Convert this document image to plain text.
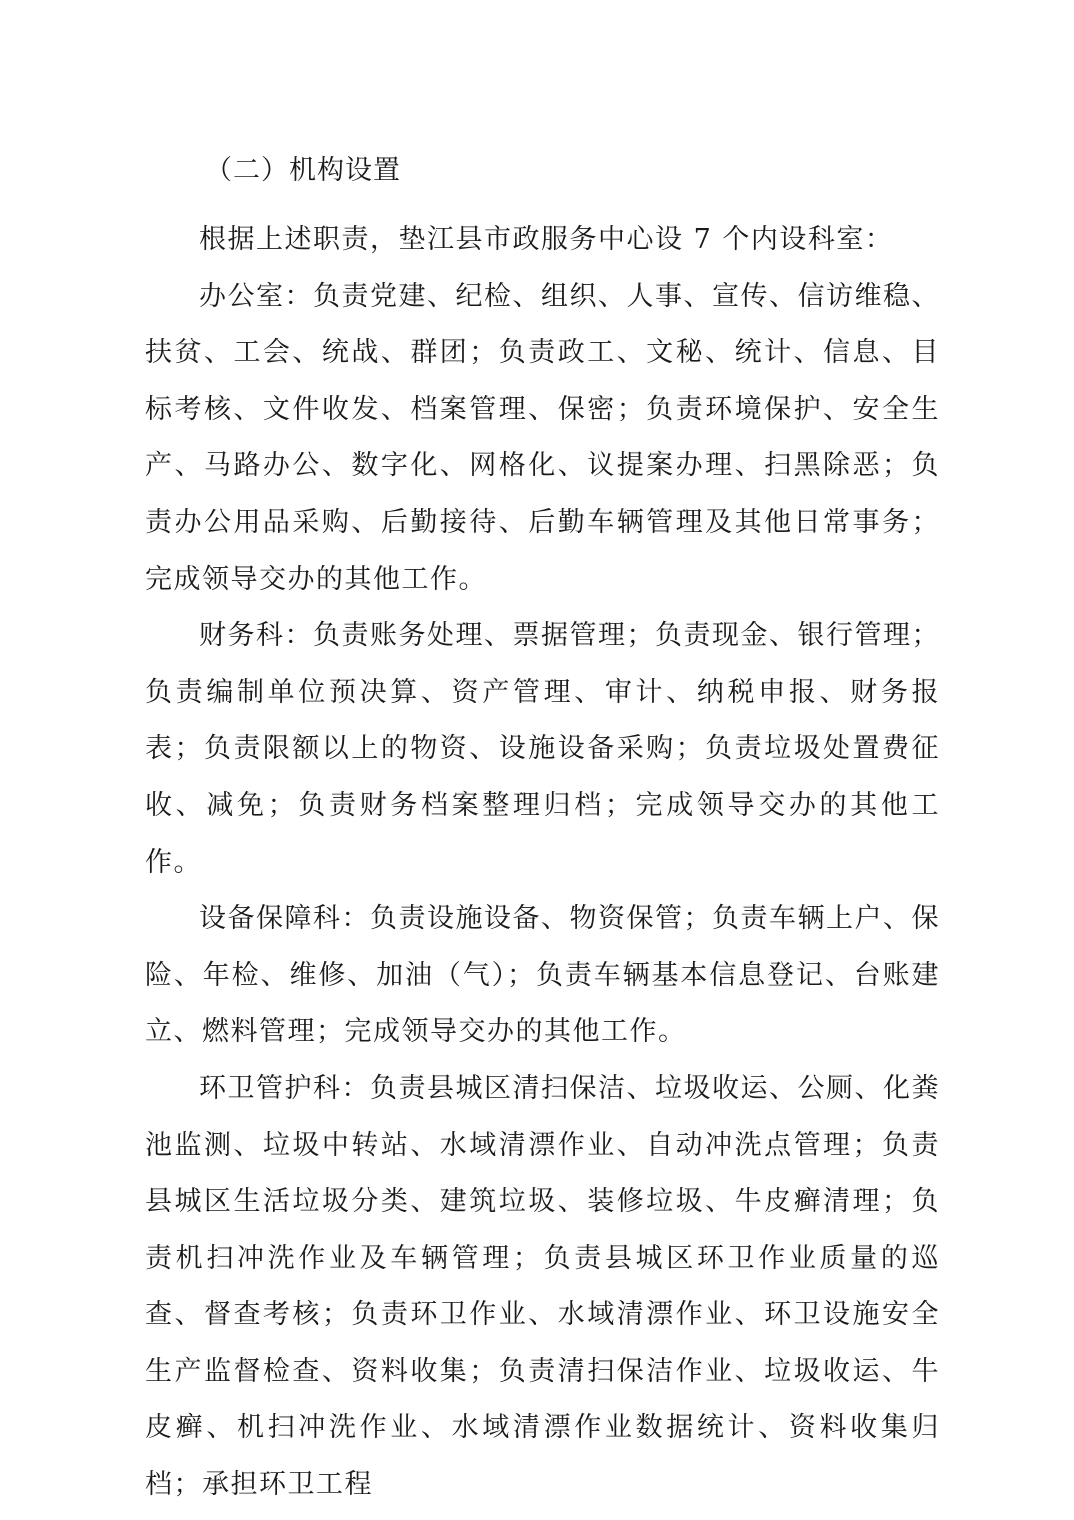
（二）机构设置

根据上述职责，垫江县市政服务中心设 7 个内设科室：

办公室：负责党建、纪检、组织、人事、宣传、信访维稳、扶贫、工会、统战、群团；负责政工、文秘、统计、信息、目标考核、文件收发、档案管理、保密；负责环境保护、安全生产、马路办公、数字化、网格化、议提案办理、扫黑除恶；负责办公用品采购、后勤接待、后勤车辆管理及其他日常事务；完成领导交办的其他工作。

财务科：负责账务处理、票据管理；负责现金、银行管理；负责编制单位预决算、资产管理、审计、纳税申报、财务报表；负责限额以上的物资、设施设备采购；负责垃圾处置费征收、减免；负责财务档案整理归档；完成领导交办的其他工作。

设备保障科：负责设施设备、物资保管；负责车辆上户、保险、年检、维修、加油（气）；负责车辆基本信息登记、台账建立、燃料管理；完成领导交办的其他工作。

环卫管护科：负责县城区清扫保洁、垃圾收运、公厕、化粪池监测、垃圾中转站、水域清漂作业、自动冲洗点管理；负责县城区生活垃圾分类、建筑垃圾、装修垃圾、牛皮癣清理；负责机扫冲洗作业及车辆管理；负责县城区环卫作业质量的巡查、督查考核；负责环卫作业、水域清漂作业、环卫设施安全生产监督检查、资料收集；负责清扫保洁作业、垃圾收运、牛皮癣、机扫冲洗作业、水域清漂作业数据统计、资料收集归档；承担环卫工程
